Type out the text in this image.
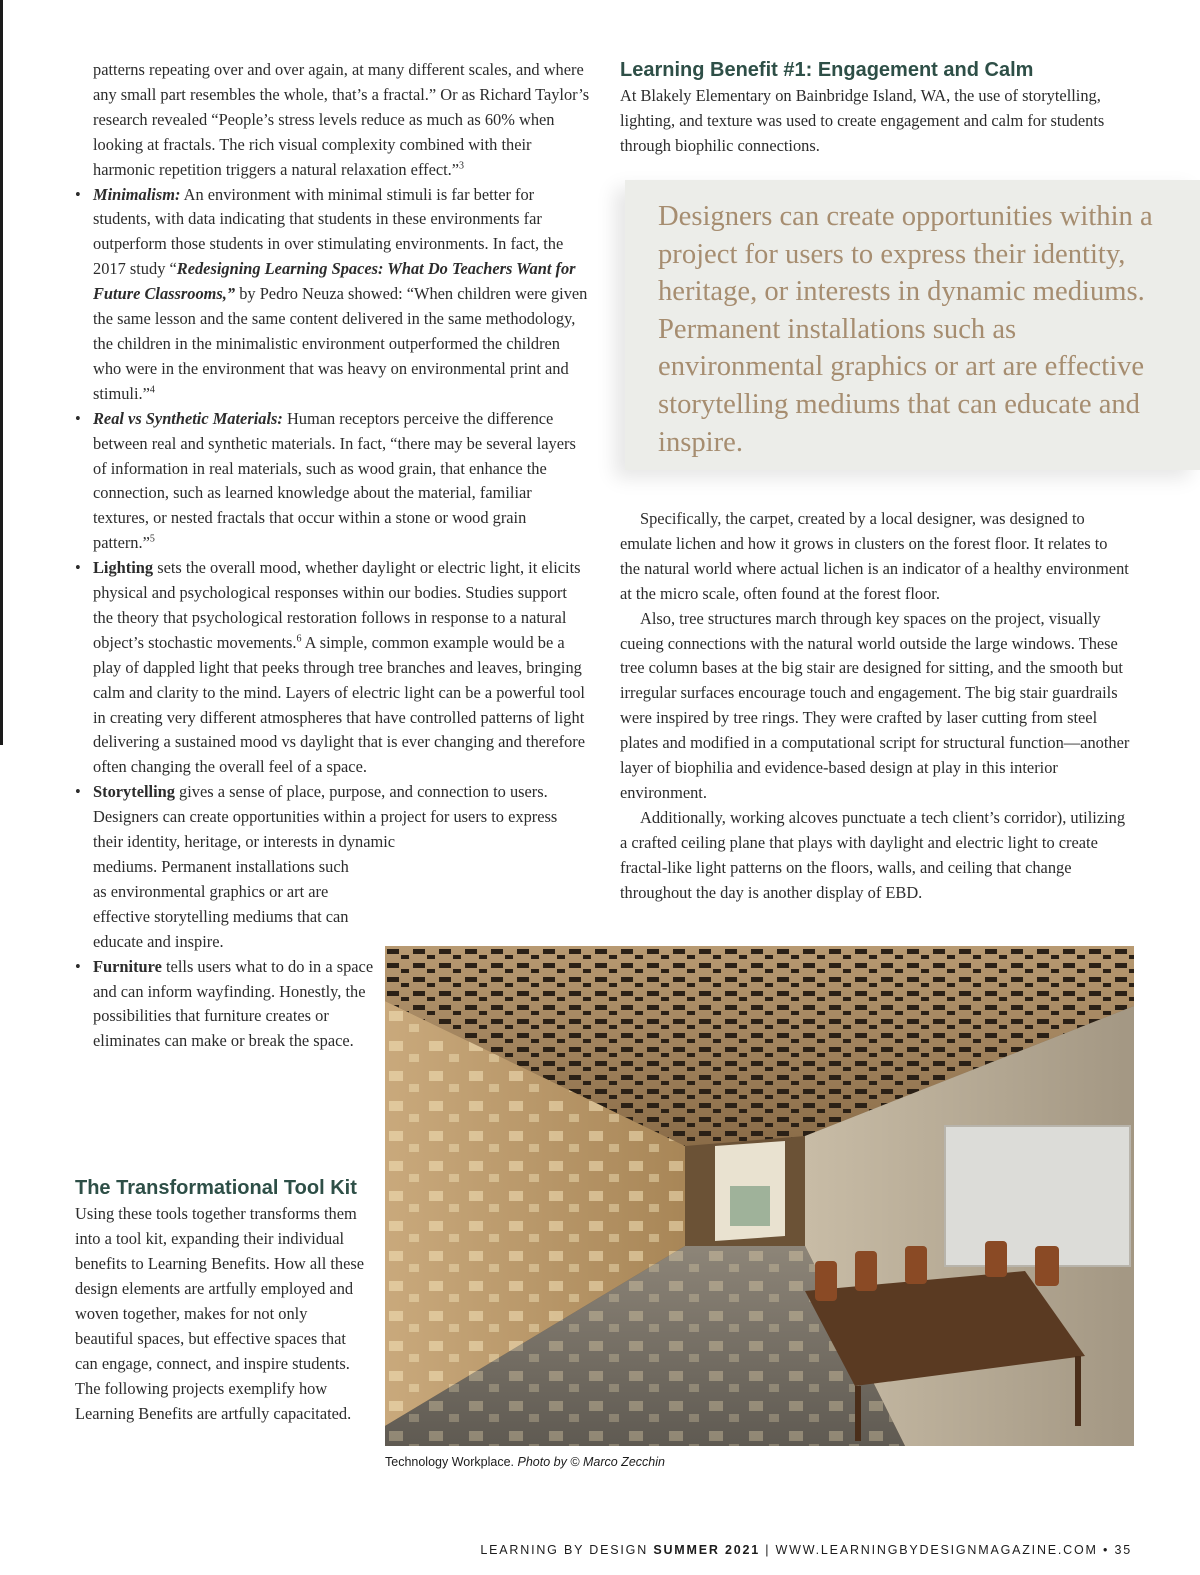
patterns repeating over and over again, at many different scales, and where any small part resembles the whole, that’s a fractal.” Or as Richard Taylor’s research revealed “People’s stress levels reduce as much as 60% when looking at fractals. The rich visual complexity combined with their harmonic repetition triggers a natural relaxation effect.”$^3$

• Minimalism: An environment with minimal stimuli is far better for students, with data indicating that students in these environments far outperform those students in over stimulating environments. In fact, the 2017 study “Redesigning Learning Spaces: What Do Teachers Want for Future Classrooms,” by Pedro Neuza showed: “When children were given the same lesson and the same content delivered in the same methodology, the children in the minimalistic environment outperformed the children who were in the environment that was heavy on environmental print and stimuli.”$^4$
• Real vs Synthetic Materials: Human receptors perceive the difference between real and synthetic materials. In fact, “there may be several layers of information in real materials, such as wood grain, that enhance the connection, such as learned knowledge about the material, familiar textures, or nested fractals that occur within a stone or wood grain pattern.”$^5$
• Lighting sets the overall mood, whether daylight or electric light, it elicits physical and psychological responses within our bodies. Studies support the theory that psychological restoration follows in response to a natural object’s stochastic movements.$^6$ A simple, common example would be a play of dappled light that peeks through tree branches and leaves, bringing calm and clarity to the mind. Layers of electric light can be a powerful tool in creating very different atmospheres that have controlled patterns of light delivering a sustained mood vs daylight that is ever changing and therefore often changing the overall feel of a space.
• Storytelling gives a sense of place, purpose, and connection to users. Designers can create opportunities within a project for users to express their identity, heritage, or interests in dynamic
mediums. Permanent installations such as environmental graphics or art are effective storytelling mediums that can educate and inspire.
• Furniture tells users what to do in a space and can inform wayfinding. Honestly, the possibilities that furniture creates or eliminates can make or break the space.
The Transformational Tool Kit

Using these tools together transforms them into a tool kit, expanding their individual benefits to Learning Benefits. How all these design elements are artfully employed and woven together, makes for not only beautiful spaces, but effective spaces that can engage, connect, and inspire students. The following projects exemplify how Learning Benefits are artfully capacitated.

Learning Benefit #1: Engagement and Calm

At Blakely Elementary on Bainbridge Island, WA, the use of storytelling, lighting, and texture was used to create engagement and calm for students through biophilic connections.

Designers can create opportunities within a project for users to express their identity, heritage, or interests in dynamic mediums. Permanent installations such as environmental graphics or art are effective storytelling mediums that can educate and inspire.

Specifically, the carpet, created by a local designer, was designed to emulate lichen and how it grows in clusters on the forest floor. It relates to the natural world where actual lichen is an indicator of a healthy environment at the micro scale, often found at the forest floor.

Also, tree structures march through key spaces on the project, visually cueing connections with the natural world outside the large windows. These tree column bases at the big stair are designed for sitting, and the smooth but irregular surfaces encourage touch and engagement. The big stair guardrails were inspired by tree rings. They were crafted by laser cutting from steel plates and modified in a computational script for structural function—another layer of biophilia and evidence-based design at play in this interior environment.

Additionally, working alcoves punctuate a tech client’s corridor), utilizing a crafted ceiling plane that plays with daylight and electric light to create fractal-like light patterns on the floors, walls, and ceiling that change throughout the day is another display of EBD.

Technology Workplace. Photo by © Marco Zecchin
LEARNING BY DESIGN SUMMER 2021 | WWW.LEARNINGBYDESIGNMAGAZINE.COM • 35
